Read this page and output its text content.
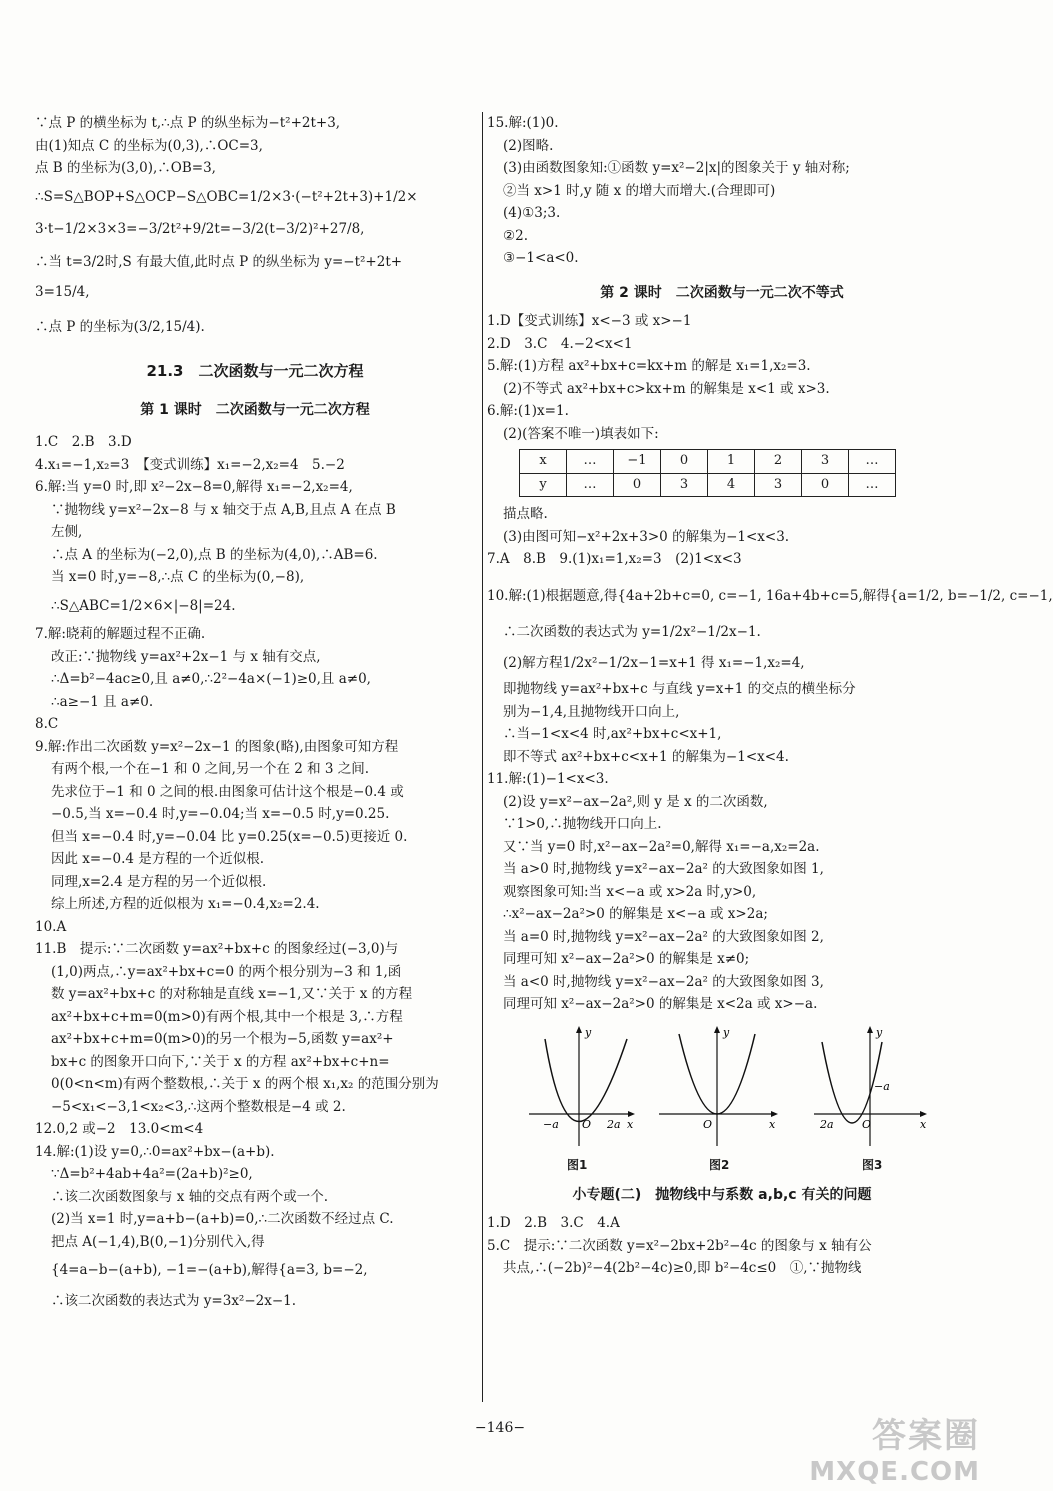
∵点 P 的横坐标为 t,∴点 P 的纵坐标为−t²+2t+3,
由(1)知点 C 的坐标为(0,3),∴OC=3,
点 B 的坐标为(3,0),∴OB=3,
∴S=S△BOP+S△OCP−S△OBC=1/2×3·(−t²+2t+3)+1/2×
3·t−1/2×3×3=−3/2t²+9/2t=−3/2(t−3/2)²+27/8,
∴当 t=3/2时,S 有最大值,此时点 P 的纵坐标为 y=−t²+2t+
3=15/4,
∴点 P 的坐标为(3/2,15/4).
21.3　二次函数与一元二次方程
第 1 课时　二次函数与一元二次方程
1.C　2.B　3.D
4.x₁=−1,x₂=3　【变式训练】x₁=−2,x₂=4　5.−2
6.解:当 y=0 时,即 x²−2x−8=0,解得 x₁=−2,x₂=4,
∵抛物线 y=x²−2x−8 与 x 轴交于点 A,B,且点 A 在点 B
左侧,
∴点 A 的坐标为(−2,0),点 B 的坐标为(4,0),∴AB=6.
当 x=0 时,y=−8,∴点 C 的坐标为(0,−8),
∴S△ABC=1/2×6×|−8|=24.
7.解:晓莉的解题过程不正确.
改正:∵抛物线 y=ax²+2x−1 与 x 轴有交点,
∴Δ=b²−4ac≥0,且 a≠0,∴2²−4a×(−1)≥0,且 a≠0,
∴a≥−1 且 a≠0.
8.C
9.解:作出二次函数 y=x²−2x−1 的图象(略),由图象可知方程
有两个根,一个在−1 和 0 之间,另一个在 2 和 3 之间.
先求位于−1 和 0 之间的根.由图象可估计这个根是−0.4 或
−0.5,当 x=−0.4 时,y=−0.04;当 x=−0.5 时,y=0.25.
但当 x=−0.4 时,y=−0.04 比 y=0.25(x=−0.5)更接近 0.
因此 x=−0.4 是方程的一个近似根.
同理,x=2.4 是方程的另一个近似根.
综上所述,方程的近似根为 x₁=−0.4,x₂=2.4.
10.A
11.B　提示:∵二次函数 y=ax²+bx+c 的图象经过(−3,0)与
(1,0)两点,∴y=ax²+bx+c=0 的两个根分别为−3 和 1,函
数 y=ax²+bx+c 的对称轴是直线 x=−1,又∵关于 x 的方程
ax²+bx+c+m=0(m>0)有两个根,其中一个根是 3,∴方程
ax²+bx+c+m=0(m>0)的另一个根为−5,函数 y=ax²+
bx+c 的图象开口向下,∵关于 x 的方程 ax²+bx+c+n=
0(0<n<m)有两个整数根,∴关于 x 的两个根 x₁,x₂ 的范围分别为
−5<x₁<−3,1<x₂<3,∴这两个整数根是−4 或 2.
12.0,2 或−2　13.0<m<4
14.解:(1)设 y=0,∴0=ax²+bx−(a+b).
∵Δ=b²+4ab+4a²=(2a+b)²≥0,
∴该二次函数图象与 x 轴的交点有两个或一个.
(2)当 x=1 时,y=a+b−(a+b)=0,∴二次函数不经过点 C.
把点 A(−1,4),B(0,−1)分别代入,得
{4=a−b−(a+b), −1=−(a+b),解得{a=3, b=−2,
∴该二次函数的表达式为 y=3x²−2x−1.
15.解:(1)0.
(2)图略.
(3)由函数图象知:①函数 y=x²−2|x|的图象关于 y 轴对称;
②当 x>1 时,y 随 x 的增大而增大.(合理即可)
(4)①3;3.
②2.
③−1<a<0.
第 2 课时　二次函数与一元二次不等式
1.D【变式训练】x<−3 或 x>−1
2.D　3.C　4.−2<x<1
5.解:(1)方程 ax²+bx+c=kx+m 的解是 x₁=1,x₂=3.
(2)不等式 ax²+bx+c>kx+m 的解集是 x<1 或 x>3.
6.解:(1)x=1.
(2)(答案不唯一)填表如下:
x	…	−1	0	1	2	3	…
y	…	0	3	4	3	0	…
描点略.
(3)由图可知−x²+2x+3>0 的解集为−1<x<3.
7.A　8.B　9.(1)x₁=1,x₂=3　(2)1<x<3
10.解:(1)根据题意,得{4a+2b+c=0, c=−1, 16a+4b+c=5,解得{a=1/2, b=−1/2, c=−1,
∴二次函数的表达式为 y=1/2x²−1/2x−1.
(2)解方程1/2x²−1/2x−1=x+1 得 x₁=−1,x₂=4,
即抛物线 y=ax²+bx+c 与直线 y=x+1 的交点的横坐标分
别为−1,4,且抛物线开口向上,
∴当−1<x<4 时,ax²+bx+c<x+1,
即不等式 ax²+bx+c<x+1 的解集为−1<x<4.
11.解:(1)−1<x<3.
(2)设 y=x²−ax−2a²,则 y 是 x 的二次函数,
∵1>0,∴抛物线开口向上.
又∵当 y=0 时,x²−ax−2a²=0,解得 x₁=−a,x₂=2a.
当 a>0 时,抛物线 y=x²−ax−2a² 的大致图象如图 1,
观察图象可知:当 x<−a 或 x>2a 时,y>0,
∴x²−ax−2a²>0 的解集是 x<−a 或 x>2a;
当 a=0 时,抛物线 y=x²−ax−2a² 的大致图象如图 2,
同理可知 x²−ax−2a²>0 的解集是 x≠0;
当 a<0 时,抛物线 y=x²−ax−2a² 的大致图象如图 3,
同理可知 x²−ax−2a²>0 的解集是 x<2a 或 x>−a.
y
x
O
−a	2a
图1
y
x
O
图2
y
x
O
2a
−a
图3
小专题(二)　抛物线中与系数 a,b,c 有关的问题
1.D　2.B　3.C　4.A
5.C　提示:∵二次函数 y=x²−2bx+2b²−4c 的图象与 x 轴有公
共点,∴(−2b)²−4(2b²−4c)≥0,即 b²−4c≤0　①,∵抛物线
−146−	答案圈
MXQE.COM
